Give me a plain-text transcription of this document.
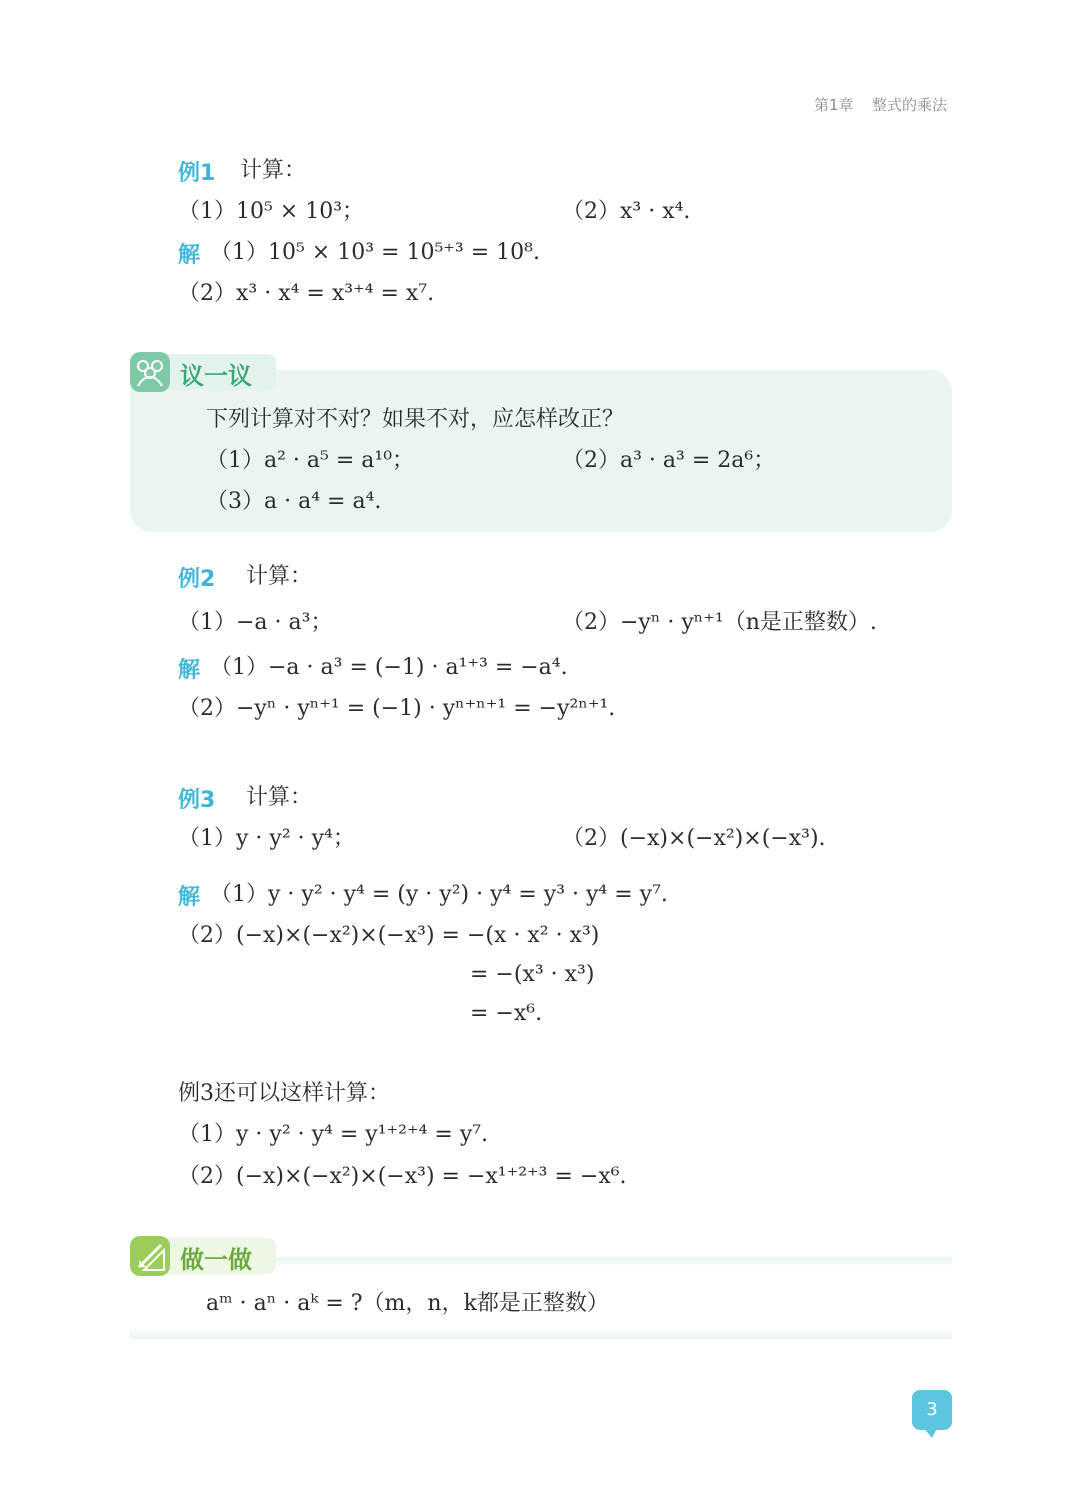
第1章 整式的乘法
例1 计算：
（1）10⁵ × 10³；	（2）x³ · x⁴.
解 （1）10⁵ × 10³ = 10⁵⁺³ = 10⁸.
（2）x³ · x⁴ = x³⁺⁴ = x⁷.
议一议
下列计算对不对？如果不对，应怎样改正？
（1）a² · a⁵ = a¹⁰；	（2）a³ · a³ = 2a⁶；
（3）a · a⁴ = a⁴.
例2 计算：
（1）−a · a³；	（2）−yⁿ · yⁿ⁺¹（n是正整数）.
解 （1）−a · a³ = (−1) · a¹⁺³ = −a⁴.
（2）−yⁿ · yⁿ⁺¹ = (−1) · yⁿ⁺ⁿ⁺¹ = −y²ⁿ⁺¹.
例3 计算：
（1）y · y² · y⁴；	（2）(−x)×(−x²)×(−x³).
解 （1）y · y² · y⁴ = (y · y²) · y⁴ = y³ · y⁴ = y⁷.
（2）(−x)×(−x²)×(−x³) = −(x · x² · x³)
= −(x³ · x³)
= −x⁶.
例3还可以这样计算：
（1）y · y² · y⁴ = y¹⁺²⁺⁴ = y⁷.
（2）(−x)×(−x²)×(−x³) = −x¹⁺²⁺³ = −x⁶.
做一做
aᵐ · aⁿ · aᵏ = ?（m，n，k都是正整数）
3
